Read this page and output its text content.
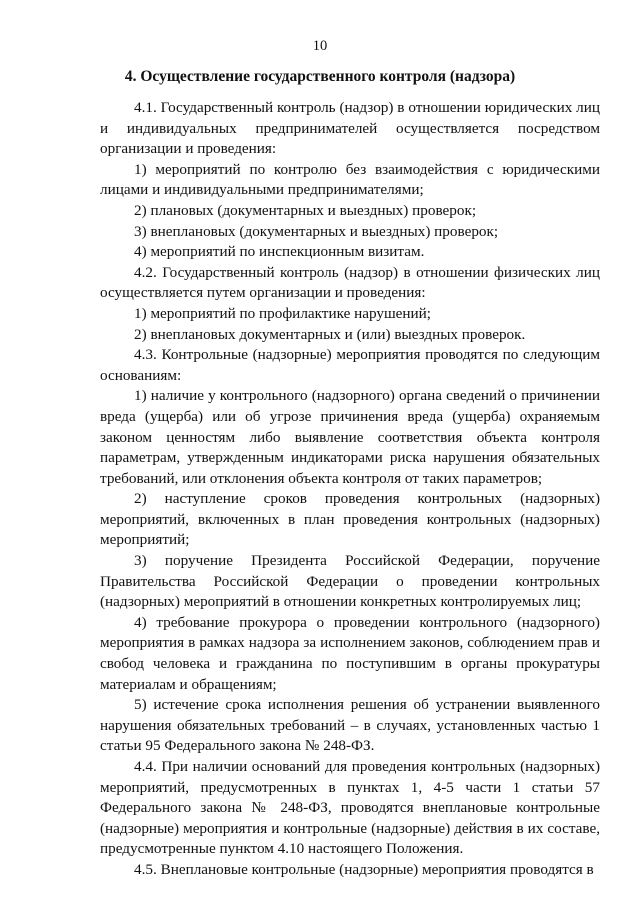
10
4. Осуществление государственного контроля (надзора)

4.1. Государственный контроль (надзор) в отношении юридических лиц и индивидуальных предпринимателей осуществляется посредством организации и проведения:

1) мероприятий по контролю без взаимодействия с юридическими лицами и индивидуальными предпринимателями;

2) плановых (документарных и выездных) проверок;

3) внеплановых (документарных и выездных) проверок;

4) мероприятий по инспекционным визитам.

4.2. Государственный контроль (надзор) в отношении физических лиц осуществляется путем организации и проведения:

1) мероприятий по профилактике нарушений;

2) внеплановых документарных и (или) выездных проверок.

4.3. Контрольные (надзорные) мероприятия проводятся по следующим основаниям:

1) наличие у контрольного (надзорного) органа сведений о причинении вреда (ущерба) или об угрозе причинения вреда (ущерба) охраняемым законом ценностям либо выявление соответствия объекта контроля параметрам, утвержденным индикаторами риска нарушения обязательных требований, или отклонения объекта контроля от таких параметров;

2) наступление сроков проведения контрольных (надзорных) мероприятий, включенных в план проведения контрольных (надзорных) мероприятий;

3) поручение Президента Российской Федерации, поручение Правительства Российской Федерации о проведении контрольных (надзорных) мероприятий в отношении конкретных контролируемых лиц;

4) требование прокурора о проведении контрольного (надзорного) мероприятия в рамках надзора за исполнением законов, соблюдением прав и свобод человека и гражданина по поступившим в органы прокуратуры материалам и обращениям;

5) истечение срока исполнения решения об устранении выявленного нарушения обязательных требований – в случаях, установленных частью 1 статьи 95 Федерального закона № 248-ФЗ.

4.4. При наличии оснований для проведения контрольных (надзорных) мероприятий, предусмотренных в пунктах 1, 4-5 части 1 статьи 57 Федерального закона № 248-ФЗ, проводятся внеплановые контрольные (надзорные) мероприятия и контрольные (надзорные) действия в их составе, предусмотренные пунктом 4.10 настоящего Положения.

4.5. Внеплановые контрольные (надзорные) мероприятия проводятся в
